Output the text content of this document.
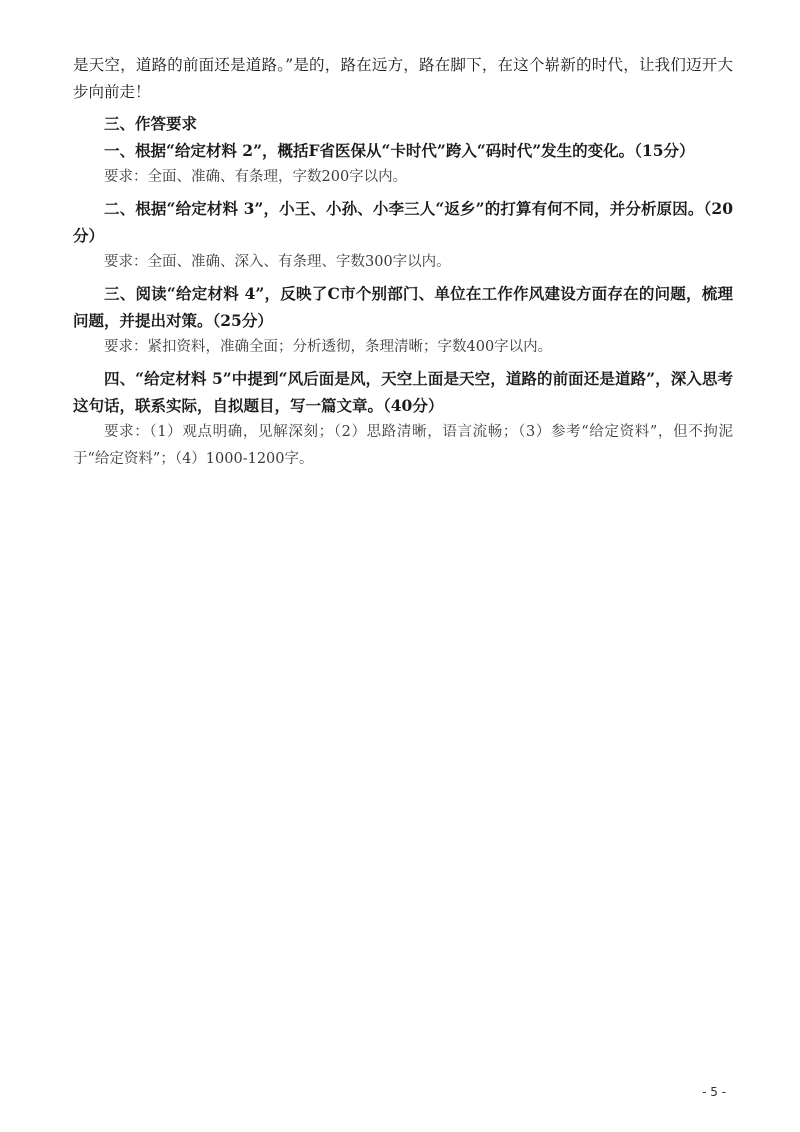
是天空，道路的前面还是道路。”是的，路在远方，路在脚下，在这个崭新的时代，让我们迈开大步向前走！

三、作答要求

一、根据“给定材料 2”，概括F省医保从“卡时代”跨入“码时代”发生的变化。（15分）

要求：全面、准确、有条理，字数200字以内。

二、根据“给定材料 3”，小王、小孙、小李三人“返乡”的打算有何不同，并分析原因。（20分）

要求：全面、准确、深入、有条理、字数300字以内。

三、阅读“给定材料 4”，反映了C市个别部门、单位在工作作风建设方面存在的问题，梳理问题，并提出对策。（25分）

要求：紧扣资料，准确全面；分析透彻，条理清晰；字数400字以内。

四、“给定材料 5”中提到“风后面是风，天空上面是天空，道路的前面还是道路”，深入思考这句话，联系实际，自拟题目，写一篇文章。（40分）

要求：（1）观点明确，见解深刻；（2）思路清晰，语言流畅；（3）参考“给定资料”，但不拘泥于“给定资料”；（4）1000-1200字。

- 5 -
